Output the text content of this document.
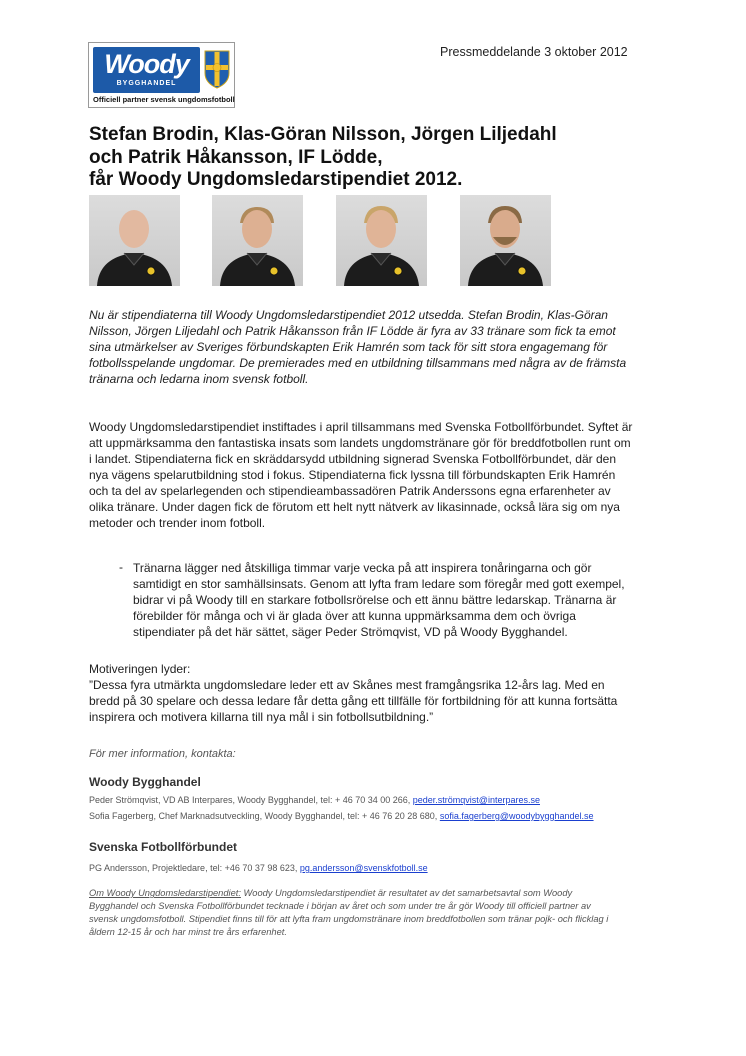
Woody
BYGGHANDEL
Officiell partner svensk ungdomsfotboll
Pressmeddelande 3 oktober 2012
Stefan Brodin, Klas-Göran Nilsson, Jörgen Liljedahl
och Patrik Håkansson, IF Lödde,
får Woody Ungdomsledarstipendiet 2012.
Nu är stipendiaterna till Woody Ungdomsledarstipendiet 2012 utsedda. Stefan Brodin, Klas-Göran
Nilsson, Jörgen Liljedahl och Patrik Håkansson från IF Lödde är fyra av 33 tränare som fick ta emot
sina utmärkelser av Sveriges förbundskapten Erik Hamrén som tack för sitt stora engagemang för
fotbollsspelande ungdomar. De premierades med en utbildning tillsammans med några av de främsta
tränarna och ledarna inom svensk fotboll.
Woody Ungdomsledarstipendiet instiftades i april tillsammans med Svenska Fotbollförbundet. Syftet är
att uppmärksamma den fantastiska insats som landets ungdomstränare gör för breddfotbollen runt om
i landet. Stipendiaterna fick en skräddarsydd utbildning signerad Svenska Fotbollförbundet, där den
nya vägens spelarutbildning stod i fokus. Stipendiaterna fick lyssna till förbundskapten Erik Hamrén
och ta del av spelarlegenden och stipendieambassadören Patrik Anderssons egna erfarenheter av
olika tränare. Under dagen fick de förutom ett helt nytt nätverk av likasinnade, också lära sig om nya
metoder och trender inom fotboll.
- Tränarna lägger ned åtskilliga timmar varje vecka på att inspirera tonåringarna och gör
samtidigt en stor samhällsinsats. Genom att lyfta fram ledare som föregår med gott exempel,
bidrar vi på Woody till en starkare fotbollsrörelse och ett ännu bättre ledarskap. Tränarna är
förebilder för många och vi är glada över att kunna uppmärksamma dem och övriga
stipendiater på det här sättet, säger Peder Strömqvist, VD på Woody Bygghandel.
Motiveringen lyder:
”Dessa fyra utmärkta ungdomsledare leder ett av Skånes mest framgångsrika 12-års lag. Med en
bredd på 30 spelare och dessa ledare får detta gång ett tillfälle för fortbildning för att kunna fortsätta
inspirera och motivera killarna till nya mål i sin fotbollsutbildning.”
För mer information, kontakta:
Woody Bygghandel
Peder Strömqvist, VD AB Interpares, Woody Bygghandel, tel: + 46 70 34 00 266, peder.strömqvist@interpares.se
Sofia Fagerberg, Chef Marknadsutveckling, Woody Bygghandel, tel: + 46 76 20 28 680, sofia.fagerberg@woodybygghandel.se
Svenska Fotbollförbundet
PG Andersson, Projektledare, tel: +46 70 37 98 623, pg.andersson@svenskfotboll.se
Om Woody Ungdomsledarstipendiet: Woody Ungdomsledarstipendiet är resultatet av det samarbetsavtal som Woody
Bygghandel och Svenska Fotbollförbundet tecknade i början av året och som under tre år gör Woody till officiell partner av
svensk ungdomsfotboll. Stipendiet finns till för att lyfta fram ungdomstränare inom breddfotbollen som tränar pojk- och flicklag i
åldern 12-15 år och har minst tre års erfarenhet.
